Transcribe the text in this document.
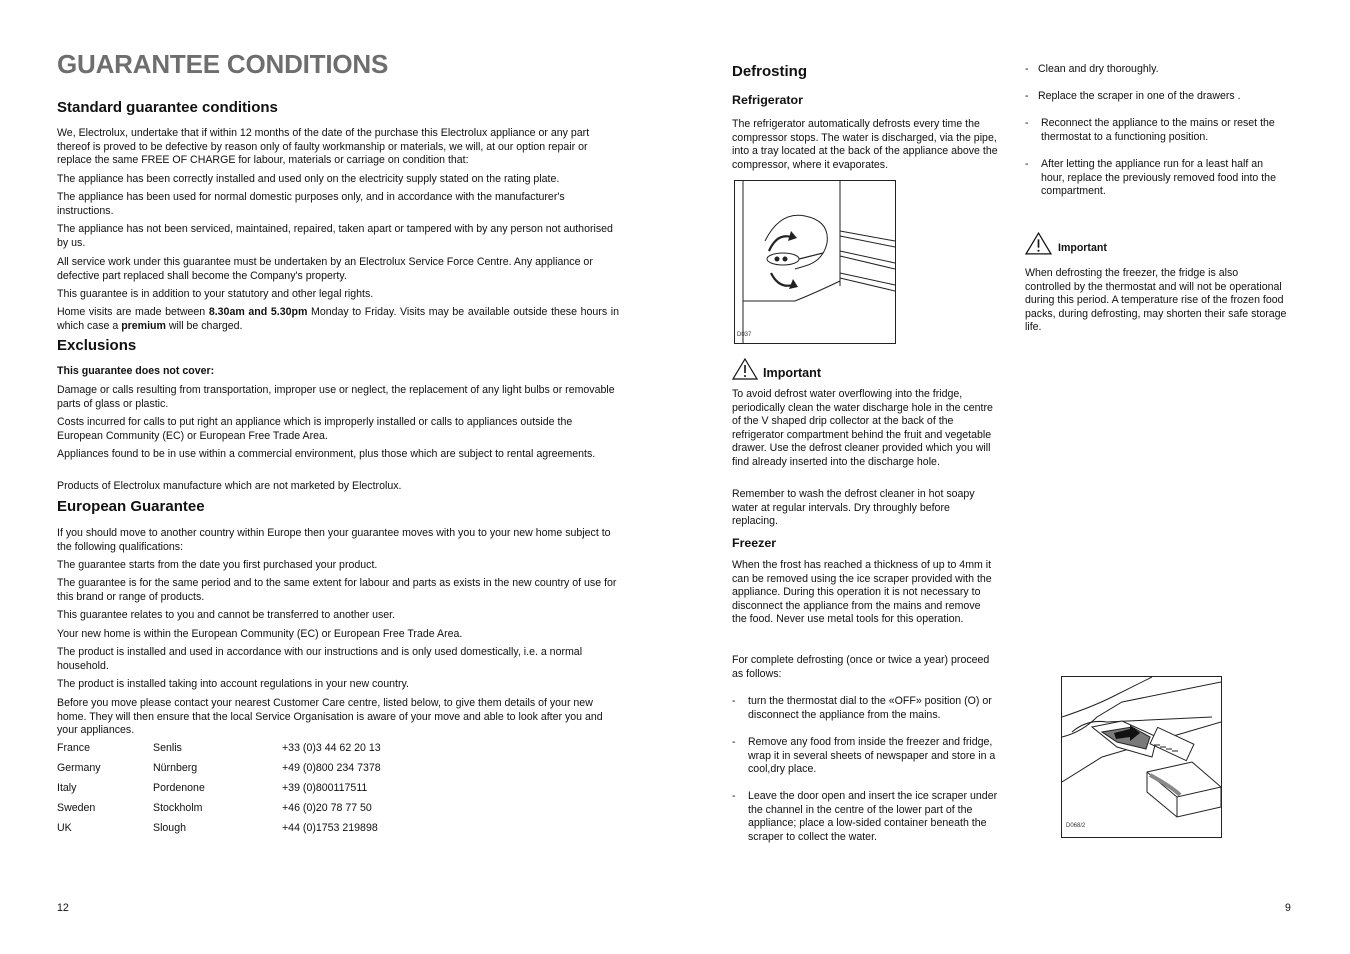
GUARANTEE CONDITIONS
Standard guarantee conditions

We, Electrolux, undertake that if within 12 months of the date of the purchase this Electrolux appliance or any part thereof is proved to be defective by reason only of faulty workmanship or materials, we will, at our option repair or replace the same FREE OF CHARGE for labour, materials or carriage on condition that:

The appliance has been correctly installed and used only on the electricity supply stated on the rating plate.

The appliance has been used for normal domestic purposes only, and in accordance with the manufacturer's instructions.

The appliance has not been serviced, maintained, repaired, taken apart or tampered with by any person not authorised by us.

All service work under this guarantee must be undertaken by an Electrolux Service Force Centre. Any appliance or defective part replaced shall become the Company's property.

This guarantee is in addition to your statutory and other legal rights.

Home visits are made between 8.30am and 5.30pm Monday to Friday. Visits may be available outside these hours in which case a premium will be charged.

Exclusions

This guarantee does not cover:

Damage or calls resulting from transportation, improper use or neglect, the replacement of any light bulbs or removable parts of glass or plastic.

Costs incurred for calls to put right an appliance which is improperly installed or calls to appliances outside the European Community (EC) or European Free Trade Area.

Appliances found to be in use within a commercial environment, plus those which are subject to rental agreements.

Products of Electrolux manufacture which are not marketed by Electrolux.

European Guarantee

If you should move to another country within Europe then your guarantee moves with you to your new home subject to the following qualifications:

The guarantee starts from the date you first purchased your product.

The guarantee is for the same period and to the same extent for labour and parts as exists in the new country of use for this brand or range of products.

This guarantee relates to you and cannot be transferred to another user.

Your new home is within the European Community (EC) or European Free Trade Area.

The product is installed and used in accordance with our instructions and is only used domestically, i.e. a normal household.

The product is installed taking into account regulations in your new country.

Before you move please contact your nearest Customer Care centre, listed below, to give them details of your new home. They will then ensure that the local Service Organisation is aware of your move and able to look after you and your appliances.

France	Senlis	+33 (0)3 44 62 20 13
Germany	Nürnberg	+49 (0)800 234 7378
Italy	Pordenone	+39 (0)800117511
Sweden	Stockholm	+46 (0)20 78 77 50
UK	Slough	+44 (0)1753 219898
12
Defrosting
Refrigerator

The refrigerator automatically defrosts every time the compressor stops. The water is discharged, via the pipe, into a tray located at the back of the appliance above the compressor, where it evaporates.

D037
Important

To avoid defrost water overflowing into the fridge, periodically clean the water discharge hole in the centre of the V shaped drip collector at the back of the refrigerator compartment behind the fruit and vegetable drawer. Use the defrost cleaner provided which you will find already inserted into the discharge hole.

Remember to wash the defrost cleaner in hot soapy water at regular intervals. Dry throughly before replacing.

Freezer

When the frost has reached a thickness of up to 4mm it can be removed using the ice scraper provided with the appliance. During this operation it is not necessary to disconnect the appliance from the mains and remove the food. Never use metal tools for this operation.

For complete defrosting (once or twice a year) proceed as follows:

- turn the thermostat dial to the «OFF» position (O) or disconnect the appliance from the mains.
- Remove any food from inside the freezer and fridge, wrap it in several sheets of newspaper and store in a cool,dry place.
- Leave the door open and insert the ice scraper under the channel in the centre of the lower part of the appliance; place a low-sided container beneath the scraper to collect the water.
- Clean and dry thoroughly.
- Replace the scraper in one of the drawers .
- Reconnect the appliance to the mains or reset the thermostat to a functioning position.
- After letting the appliance run for a least half an hour, replace the previously removed food into the compartment.
Important

When defrosting the freezer, the fridge is also controlled by the thermostat and will not be operational during this period. A temperature rise of the frozen food packs, during defrosting, may shorten their safe storage life.

D068/2
9
